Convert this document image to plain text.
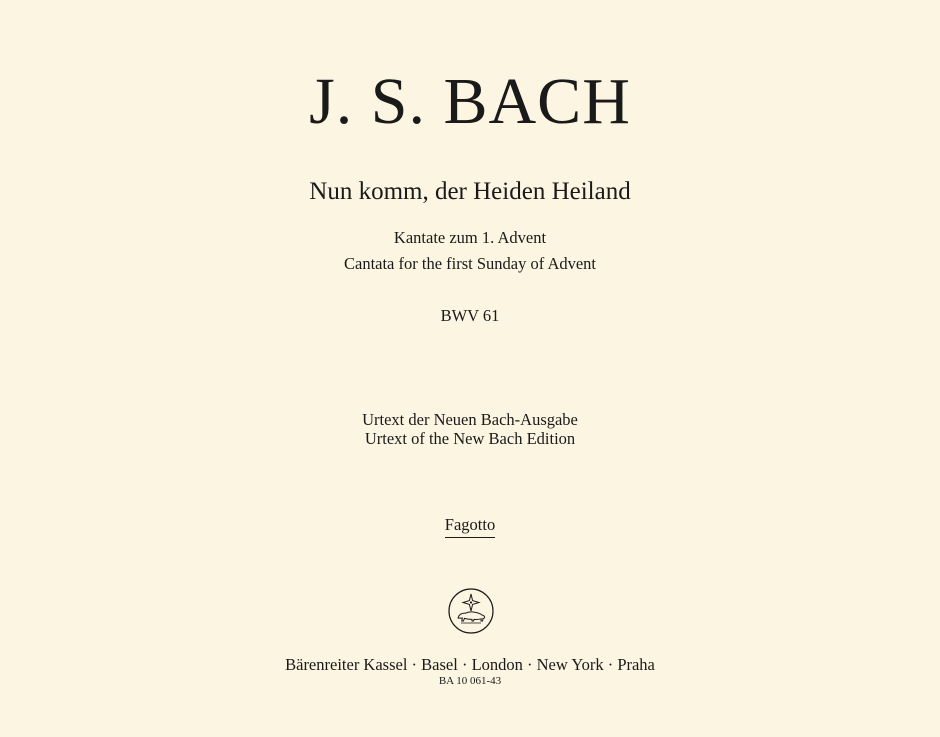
J. S. BACH
Nun komm, der Heiden Heiland
Kantate zum 1. Advent
Cantata for the first Sunday of Advent
BWV 61
Urtext der Neuen Bach-Ausgabe
Urtext of the New Bach Edition
Fagotto
Bärenreiter Kassel · Basel · London · New York · Praha
BA 10 061-43
